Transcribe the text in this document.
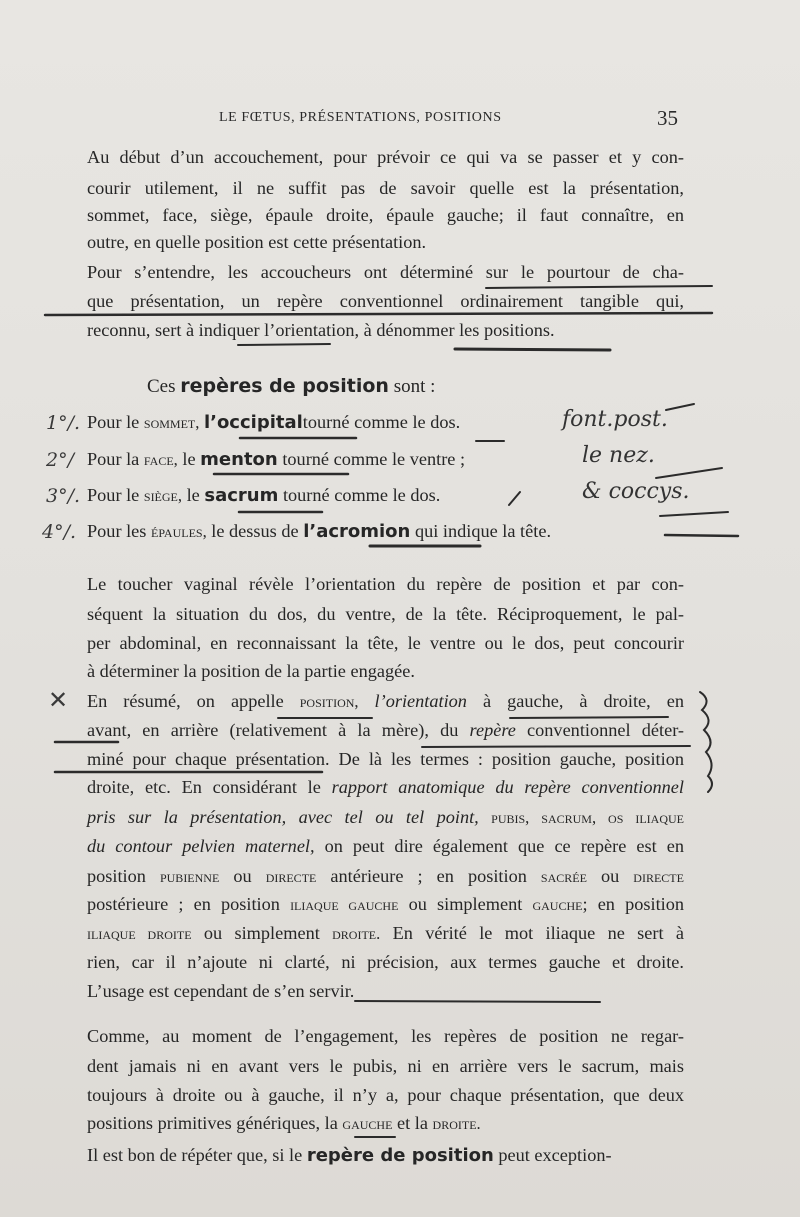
LE FŒTUS, PRÉSENTATIONS, POSITIONS	35
Au début d’un accouchement, pour prévoir ce qui va se passer et y con-
courir utilement, il ne suffit pas de savoir quelle est la présentation,
sommet, face, siège, épaule droite, épaule gauche; il faut connaître, en
outre, en quelle position est cette présentation.
Pour s’entendre, les accoucheurs ont déterminé sur le pourtour de cha-
que présentation, un repère conventionnel ordinairement tangible qui,
reconnu, sert à indiquer l’orientation, à dénommer les positions.
Ces repères de position sont :
Pour le sommet, l’occipitaltourné comme le dos.
Pour la face, le menton tourné comme le ventre ;
Pour le siège, le sacrum tourné comme le dos.
Pour les épaules, le dessus de l’acromion qui indique la tête.
1°/.
2°/
3°/.
4°/.
font.post.
le nez.
& coccys.
Le toucher vaginal révèle l’orientation du repère de position et par con-
séquent la situation du dos, du ventre, de la tête. Réciproquement, le pal-
per abdominal, en reconnaissant la tête, le ventre ou le dos, peut concourir
à déterminer la position de la partie engagée.
✕ En résumé, on appelle position, l’orientation à gauche, à droite, en
avant, en arrière (relativement à la mère), du repère conventionnel déter-
miné pour chaque présentation. De là les termes : position gauche, position
droite, etc. En considérant le rapport anatomique du repère conventionnel
pris sur la présentation, avec tel ou tel point, pubis, sacrum, os iliaque
du contour pelvien maternel, on peut dire également que ce repère est en
position pubienne ou directe antérieure ; en position sacrée ou directe
postérieure ; en position iliaque gauche ou simplement gauche; en position
iliaque droite ou simplement droite. En vérité le mot iliaque ne sert à
rien, car il n’ajoute ni clarté, ni précision, aux termes gauche et droite.
L’usage est cependant de s’en servir.
Comme, au moment de l’engagement, les repères de position ne regar-
dent jamais ni en avant vers le pubis, ni en arrière vers le sacrum, mais
toujours à droite ou à gauche, il n’y a, pour chaque présentation, que deux
positions primitives génériques, la gauche et la droite.
Il est bon de répéter que, si le repère de position peut exception-
